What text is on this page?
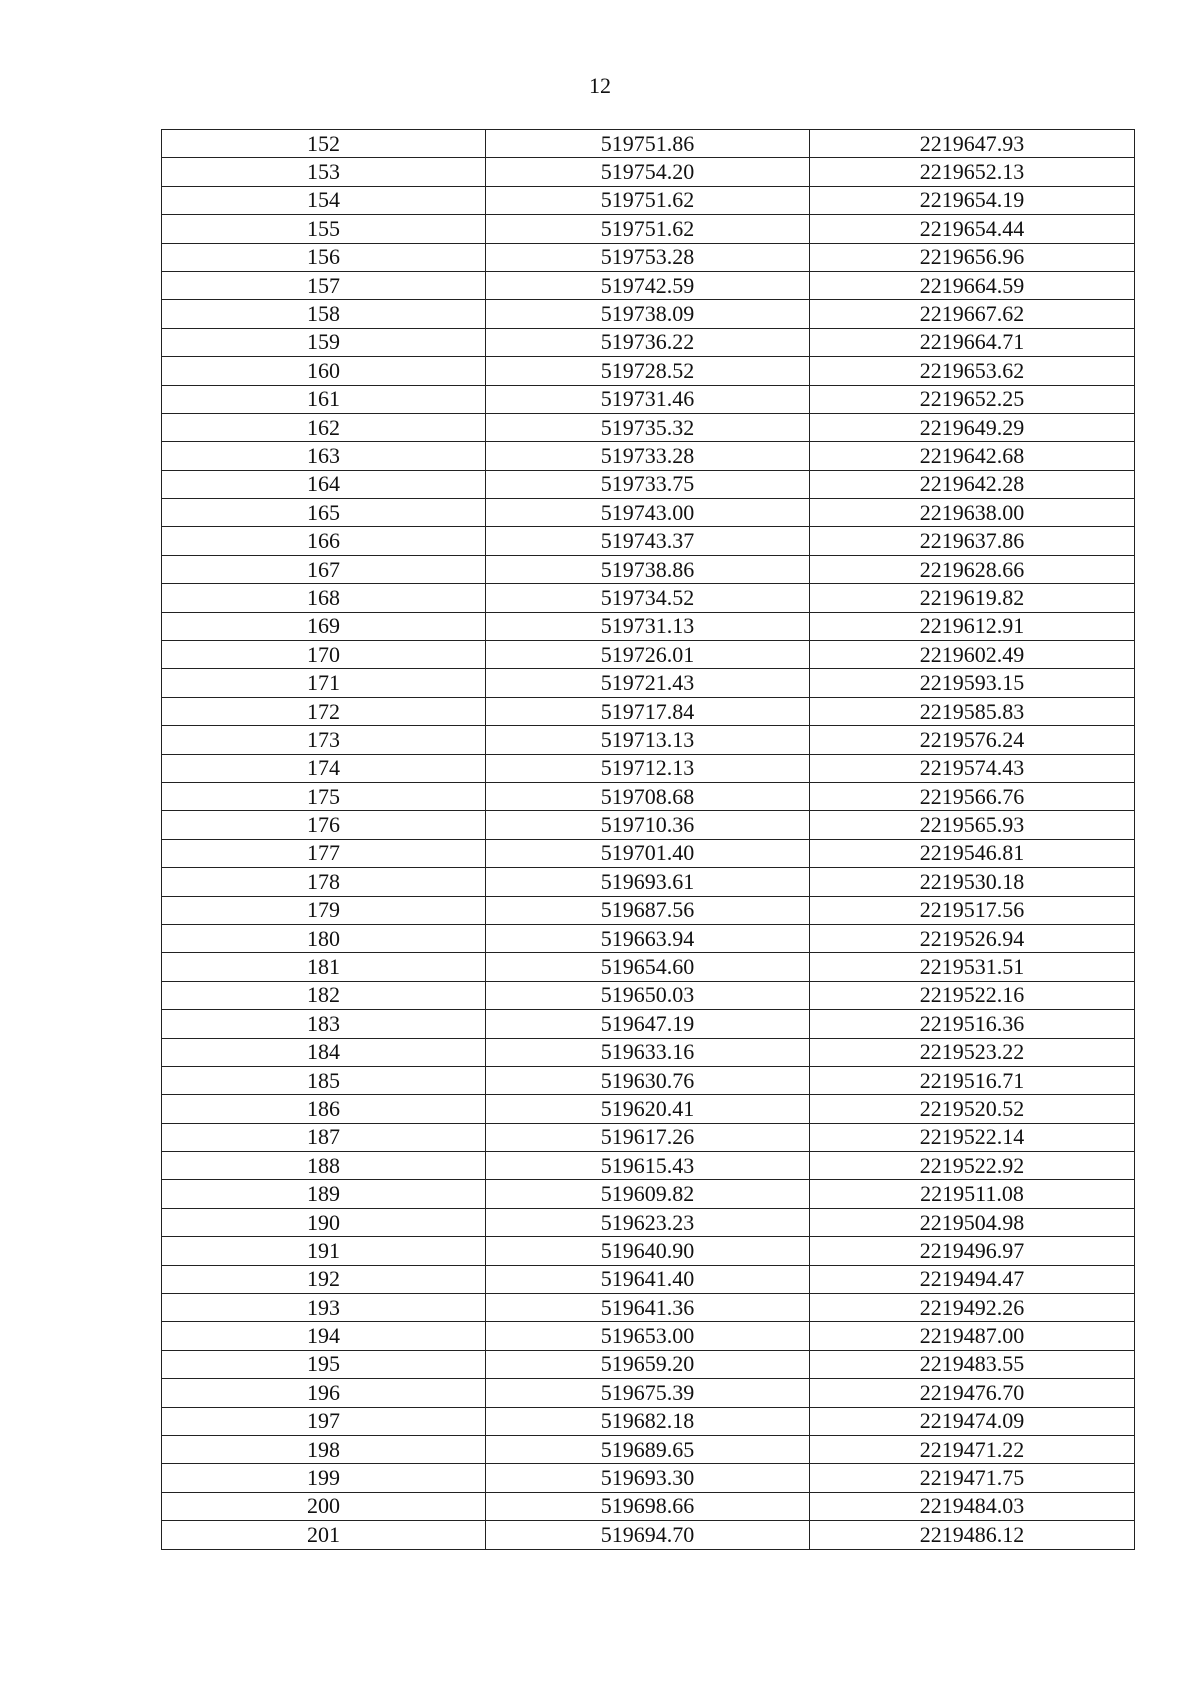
12
152	519751.86	2219647.93
153	519754.20	2219652.13
154	519751.62	2219654.19
155	519751.62	2219654.44
156	519753.28	2219656.96
157	519742.59	2219664.59
158	519738.09	2219667.62
159	519736.22	2219664.71
160	519728.52	2219653.62
161	519731.46	2219652.25
162	519735.32	2219649.29
163	519733.28	2219642.68
164	519733.75	2219642.28
165	519743.00	2219638.00
166	519743.37	2219637.86
167	519738.86	2219628.66
168	519734.52	2219619.82
169	519731.13	2219612.91
170	519726.01	2219602.49
171	519721.43	2219593.15
172	519717.84	2219585.83
173	519713.13	2219576.24
174	519712.13	2219574.43
175	519708.68	2219566.76
176	519710.36	2219565.93
177	519701.40	2219546.81
178	519693.61	2219530.18
179	519687.56	2219517.56
180	519663.94	2219526.94
181	519654.60	2219531.51
182	519650.03	2219522.16
183	519647.19	2219516.36
184	519633.16	2219523.22
185	519630.76	2219516.71
186	519620.41	2219520.52
187	519617.26	2219522.14
188	519615.43	2219522.92
189	519609.82	2219511.08
190	519623.23	2219504.98
191	519640.90	2219496.97
192	519641.40	2219494.47
193	519641.36	2219492.26
194	519653.00	2219487.00
195	519659.20	2219483.55
196	519675.39	2219476.70
197	519682.18	2219474.09
198	519689.65	2219471.22
199	519693.30	2219471.75
200	519698.66	2219484.03
201	519694.70	2219486.12
